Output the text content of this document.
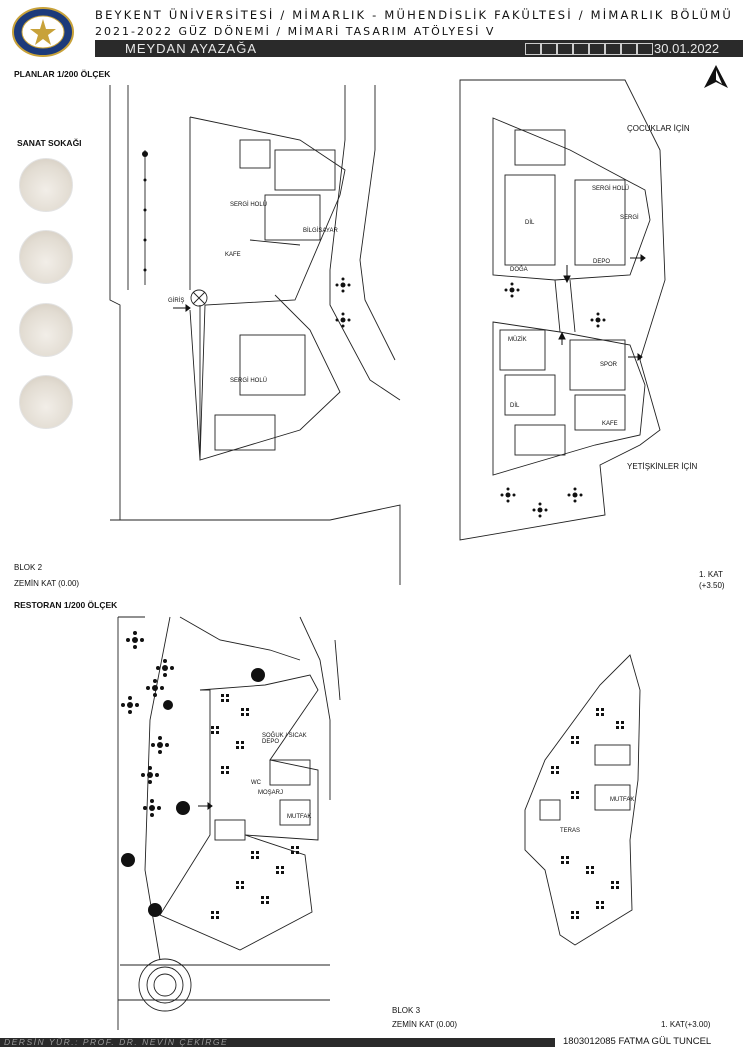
BEYKENT ÜNİVERSİTESİ / MİMARLIK - MÜHENDİSLİK FAKÜLTESİ / MİMARLIK BÖLÜMÜ
2021-2022 GÜZ DÖNEMİ / MİMARİ TASARIM ATÖLYESİ V
MEYDAN AYAZAĞA	30.01.2022
PLANLAR 1/200 ÖLÇEK
SANAT SOKAĞI
GİRİŞ
KAFE
SERGİ HOLÜ
SERGİ HOLÜ
DOĞA
DİL
SERGİ HOLÜ
DEPO
MÜZİK
SPOR
DİL
KAFE
BİLGİSAYAR
SERGİ
ÇOCUKLAR İÇİN
YETİŞKİNLER İÇİN
BLOK 2
ZEMİN KAT (0.00)
1. KAT
(+3.50)
RESTORAN 1/200 ÖLÇEK
SOĞUK / SICAK DEPO
MOŞARJ
MUTFAK
WC
MUTFAK
TERAS
BLOK 3
ZEMİN KAT (0.00)	1. KAT(+3.00)
DERSİN YÜR.: PROF. DR. NEVİN ÇEKİRGE	1803012085 FATMA GÜL TUNCEL
